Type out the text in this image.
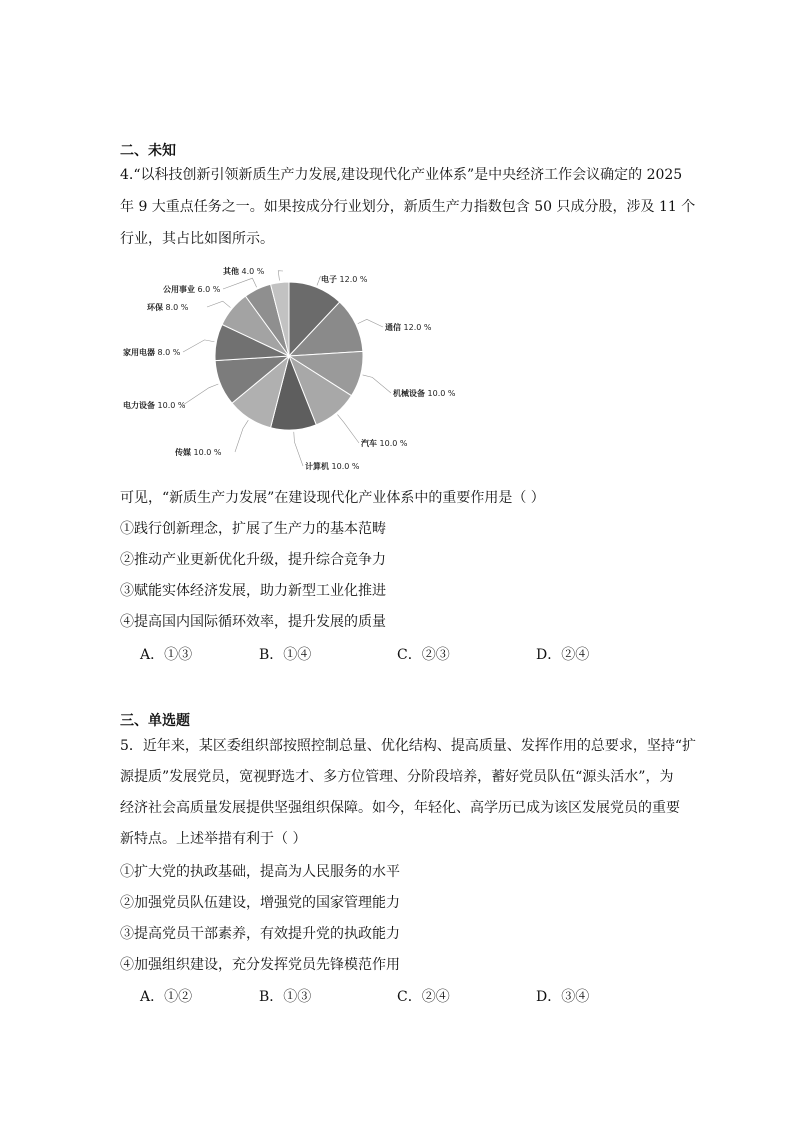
二、未知
4.“以科技创新引领新质生产力发展,建设现代化产业体系”是中央经济工作会议确定的 2025
年 9 大重点任务之一。如果按成分行业划分，新质生产力指数包含 50 只成分股，涉及 11 个
行业，其占比如图所示。
电子 12.0 %
通信 12.0 %
机械设备 10.0 %
汽车 10.0 %
计算机 10.0 %
传媒 10.0 %
电力设备 10.0 %
家用电器 8.0 %
环保 8.0 %
公用事业 6.0 %
其他 4.0 %
可见，“新质生产力发展”在建设现代化产业体系中的重要作用是（ ）
①践行创新理念，扩展了生产力的基本范畴
②推动产业更新优化升级，提升综合竞争力
③赋能实体经济发展，助力新型工业化推进
④提高国内国际循环效率，提升发展的质量
A．①③	B．①④	C．②③	D．②④
三、单选题
5．近年来，某区委组织部按照控制总量、优化结构、提高质量、发挥作用的总要求，坚持“扩
源提质”发展党员，宽视野选才、多方位管理、分阶段培养，蓄好党员队伍“源头活水”，为
经济社会高质量发展提供坚强组织保障。如今，年轻化、高学历已成为该区发展党员的重要
新特点。上述举措有利于（ ）
①扩大党的执政基础，提高为人民服务的水平
②加强党员队伍建设，增强党的国家管理能力
③提高党员干部素养，有效提升党的执政能力
④加强组织建设，充分发挥党员先锋模范作用
A．①②	B．①③	C．②④	D．③④
